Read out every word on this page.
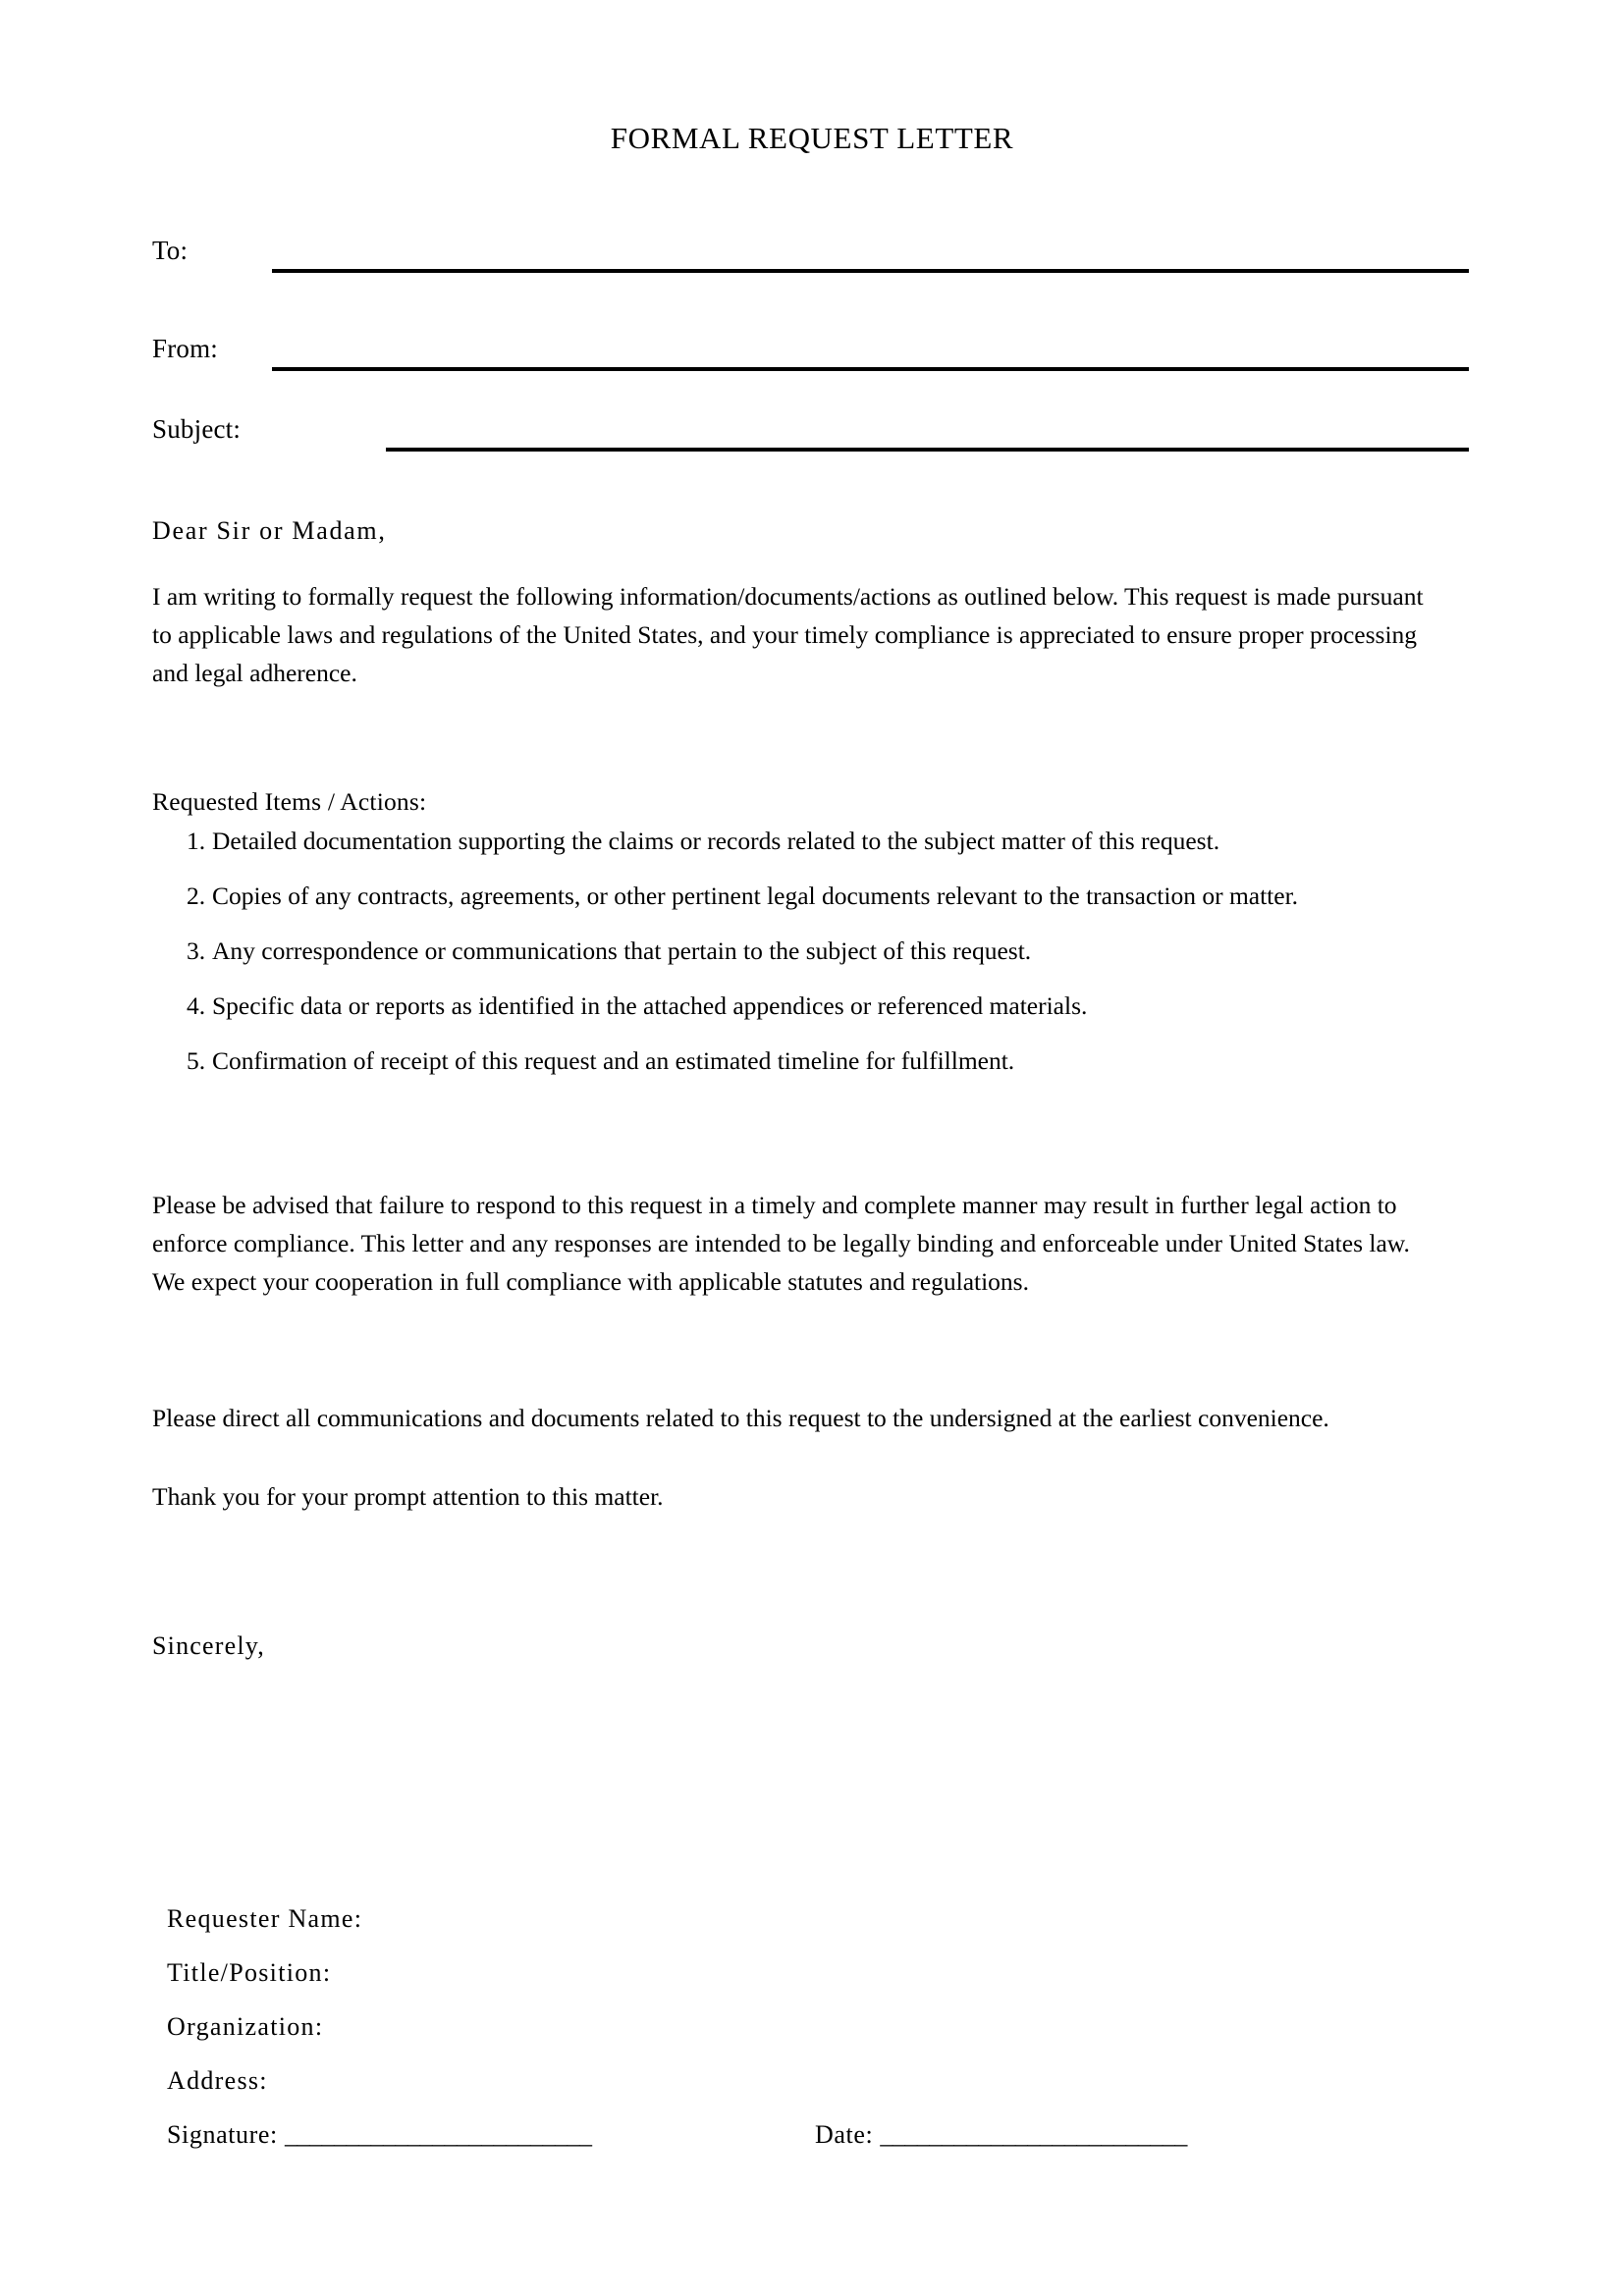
FORMAL REQUEST LETTER
To:
From:
Subject:
Dear Sir or Madam,
I am writing to formally request the following information/documents/actions as outlined below. This request is made pursuant to applicable laws and regulations of the United States, and your timely compliance is appreciated to ensure proper processing and legal adherence.
Requested Items / Actions:
1. Detailed documentation supporting the claims or records related to the subject matter of this request.
2. Copies of any contracts, agreements, or other pertinent legal documents relevant to the transaction or matter.
3. Any correspondence or communications that pertain to the subject of this request.
4. Specific data or reports as identified in the attached appendices or referenced materials.
5. Confirmation of receipt of this request and an estimated timeline for fulfillment.
Please be advised that failure to respond to this request in a timely and complete manner may result in further legal action to enforce compliance. This letter and any responses are intended to be legally binding and enforceable under United States law. We expect your cooperation in full compliance with applicable statutes and regulations.
Please direct all communications and documents related to this request to the undersigned at the earliest convenience.
Thank you for your prompt attention to this matter.
Sincerely,
Requester Name:
Title/Position:
Organization:
Address:
Signature: _________________________	Date: _________________________
